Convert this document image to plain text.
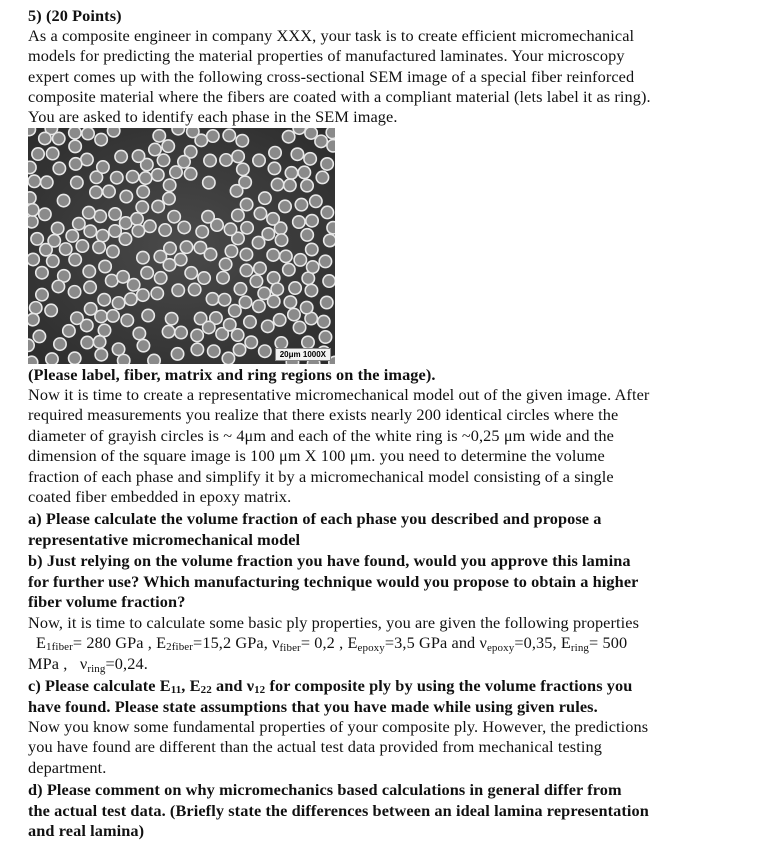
5) (20 Points)
As a composite engineer in company XXX, your task is to create efficient micromechanical
models for predicting the material properties of manufactured laminates. Your microscopy
expert comes up with the following cross-sectional SEM image of a special fiber reinforced
composite material where the fibers are coated with a compliant material (lets label it as ring).
You are asked to identify each phase in the SEM image.
20μm 1000X
(Please label, fiber, matrix and ring regions on the image).
Now it is time to create a representative micromechanical model out of the given image. After
required measurements you realize that there exists nearly 200 identical circles where the
diameter of grayish circles is ~ 4μm and each of the white ring is ~0,25 μm wide and the
dimension of the square image is 100 μm X 100 μm. you need to determine the volume
fraction of each phase and simplify it by a micromechanical model consisting of a single
coated fiber embedded in epoxy matrix.
a) Please calculate the volume fraction of each phase you described and propose a
representative micromechanical model
b) Just relying on the volume fraction you have found, would you approve this lamina
for further use? Which manufacturing technique would you propose to obtain a higher
fiber volume fraction?
Now, it is time to calculate some basic ply properties, you are given the following properties
E1fiber= 280 GPa , E2fiber=15,2 GPa, νfiber= 0,2 , Eepoxy=3,5 GPa and νepoxy=0,35, Ering= 500
MPa , νring=0,24.
c) Please calculate E11, E22 and ν12 for composite ply by using the volume fractions you
have found. Please state assumptions that you have made while using given rules.
Now you know some fundamental properties of your composite ply. However, the predictions
you have found are different than the actual test data provided from mechanical testing
department.
d) Please comment on why micromechanics based calculations in general differ from
the actual test data. (Briefly state the differences between an ideal lamina representation
and real lamina)
